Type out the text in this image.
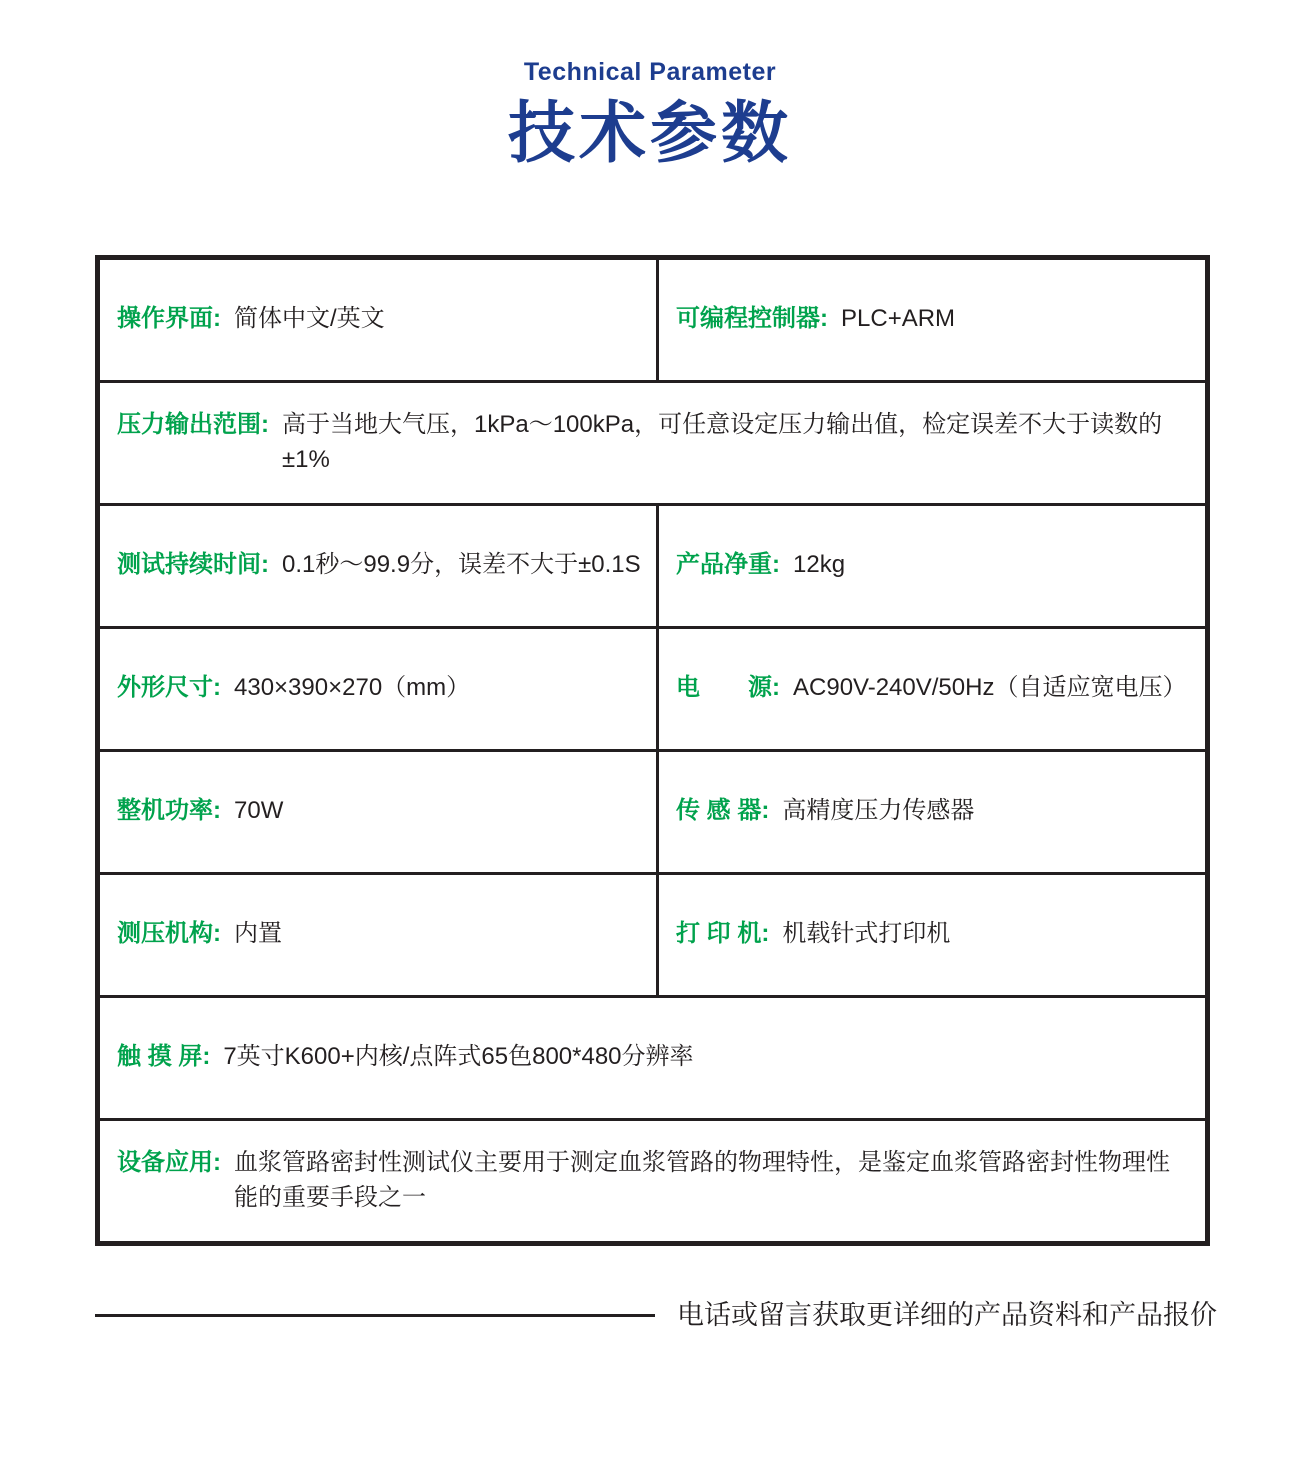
Technical Parameter
技术参数
操作界面: 简体中文/英文	可编程控制器: PLC+ARM

压力输出范围: 高于当地大气压，1kPa～100kPa，可任意设定压力输出值，检定误差不大于读数的±1%	

测试持续时间: 0.1秒～99.9分，误差不大于±0.1S	产品净重: 12kg

外形尺寸: 430×390×270（mm）	电　　源: AC90V-240V/50Hz（自适应宽电压）

整机功率: 70W	传 感 器: 高精度压力传感器

测压机构: 内置	打 印 机: 机载针式打印机

触 摸 屏: 7英寸K600+内核/点阵式65色800*480分辨率	

设备应用: 血浆管路密封性测试仪主要用于测定血浆管路的物理特性，是鉴定血浆管路密封性物理性能的重要手段之一	
电话或留言获取更详细的产品资料和产品报价
